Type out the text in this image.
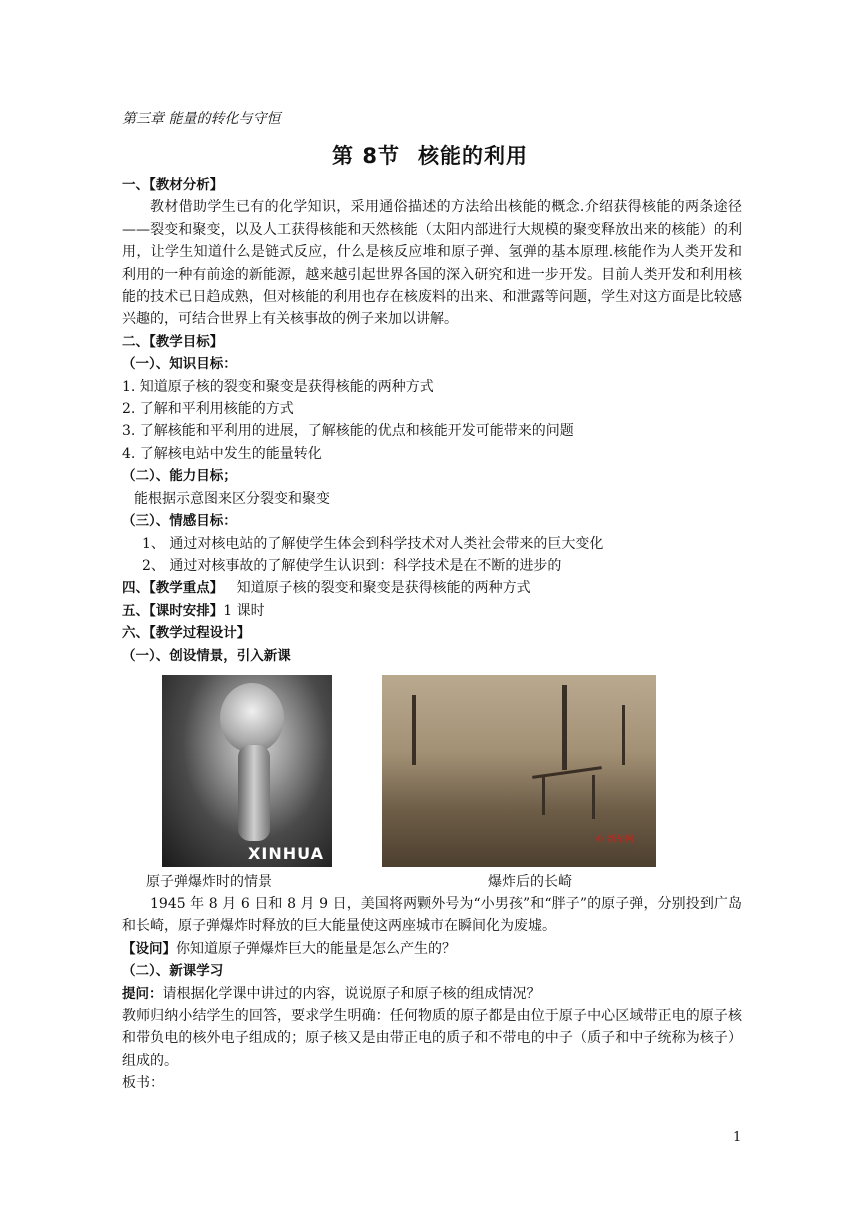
第三章 能量的转化与守恒
第 8节 核能的利用

一、【教材分析】

教材借助学生已有的化学知识，采用通俗描述的方法给出核能的概念.介绍获得核能的两条途径——裂变和聚变，以及人工获得核能和天然核能（太阳内部进行大规模的聚变释放出来的核能）的利用，让学生知道什么是链式反应，什么是核反应堆和原子弹、氢弹的基本原理.核能作为人类开发和利用的一种有前途的新能源，越来越引起世界各国的深入研究和进一步开发。目前人类开发和利用核能的技术已日趋成熟，但对核能的利用也存在核废料的出来、和泄露等问题，学生对这方面是比较感兴趣的，可结合世界上有关核事故的例子来加以讲解。

二、【教学目标】

（一）、知识目标：

1. 知道原子核的裂变和聚变是获得核能的两种方式

2. 了解和平利用核能的方式

3. 了解核能和平利用的进展，了解核能的优点和核能开发可能带来的问题

4. 了解核电站中发生的能量转化

（二）、能力目标；

能根据示意图来区分裂变和聚变

（三）、情感目标：

1、 通过对核电站的了解使学生体会到科学技术对人类社会带来的巨大变化

2、 通过对核事故的了解使学生认识到：科学技术是在不断的进步的

四、【教学重点】 知道原子核的裂变和聚变是获得核能的两种方式

五、【课时安排】1 课时

六、【教学过程设计】

（一）、创设情景，引入新课

XINHUA
© 新华网
原子弹爆炸时的情景	爆炸后的长崎

1945 年 8 月 6 日和 8 月 9 日，美国将两颗外号为“小男孩”和“胖子”的原子弹，分别投到广岛和长崎，原子弹爆炸时释放的巨大能量使这两座城市在瞬间化为废墟。

【设问】你知道原子弹爆炸巨大的能量是怎么产生的？

（二）、新课学习

提问：请根据化学课中讲过的内容，说说原子和原子核的组成情况？

教师归纳小结学生的回答，要求学生明确：任何物质的原子都是由位于原子中心区域带正电的原子核和带负电的核外电子组成的；原子核又是由带正电的质子和不带电的中子（质子和中子统称为核子）组成的。

板书：

1
